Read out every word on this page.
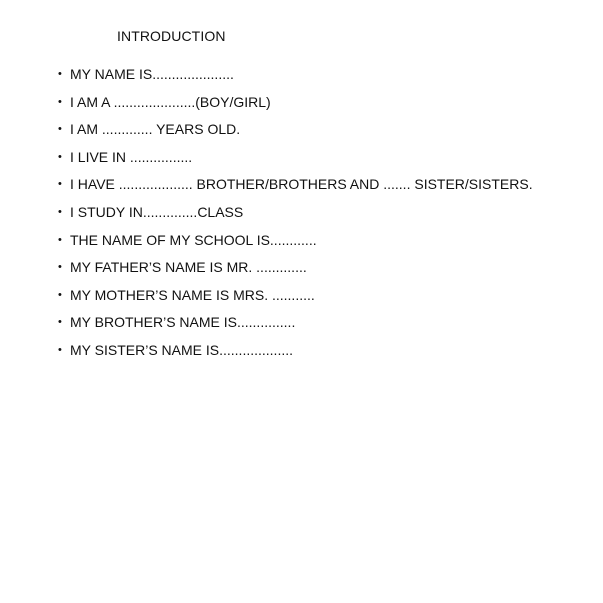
INTRODUCTION
• MY NAME IS.....................
• I AM A .....................(BOY/GIRL)
• I AM ............. YEARS OLD.
• I LIVE IN ................
• I HAVE ................... BROTHER/BROTHERS AND ....... SISTER/SISTERS.
• I STUDY IN..............CLASS
• THE NAME OF MY SCHOOL IS............
• MY FATHER’S NAME IS MR. .............
• MY MOTHER’S NAME IS MRS. ...........
• MY BROTHER’S NAME IS...............
• MY SISTER’S NAME IS...................
